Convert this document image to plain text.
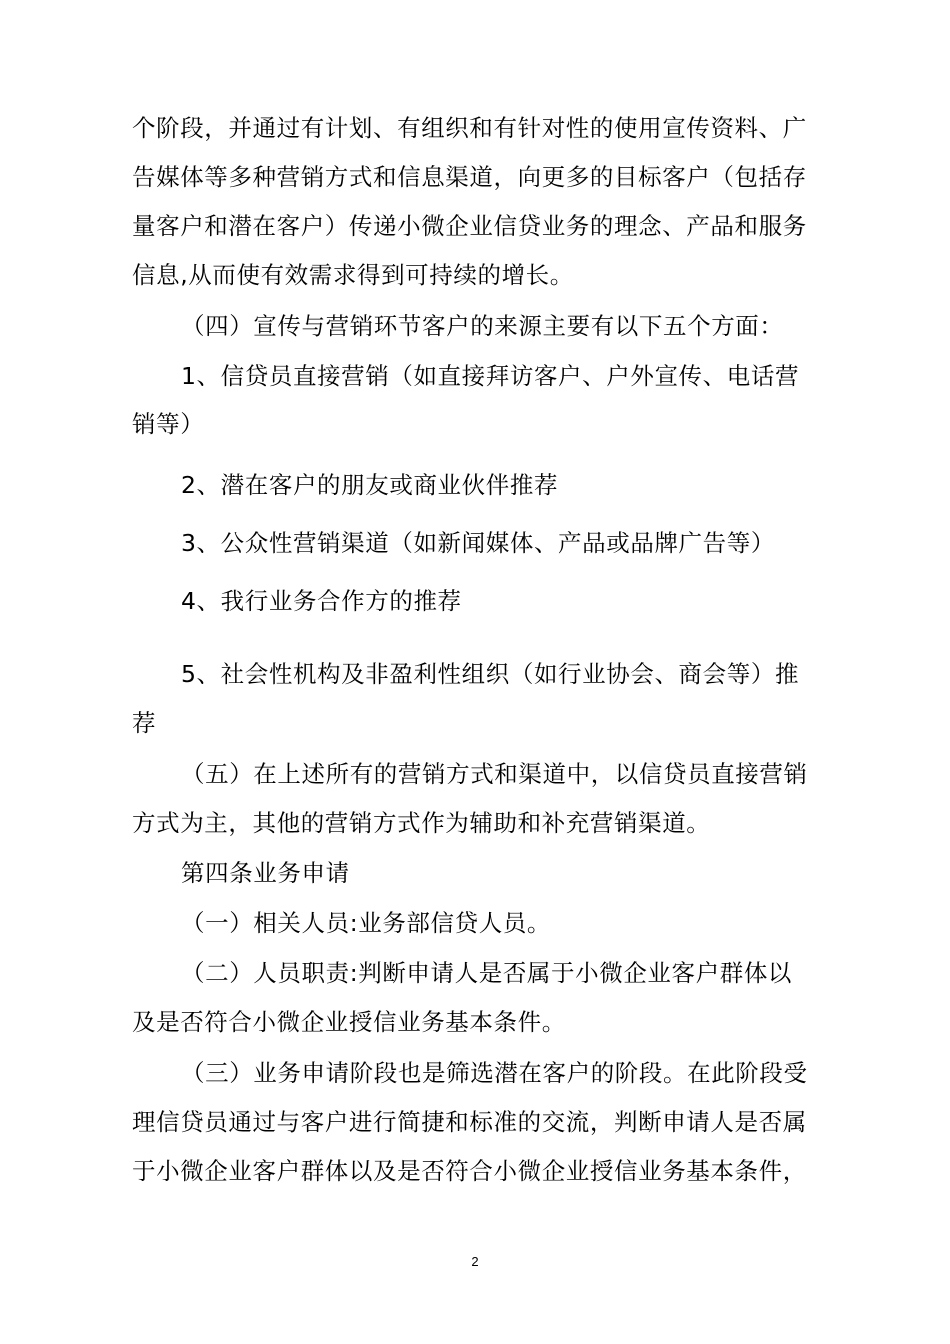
个阶段，并通过有计划、有组织和有针对性的使用宣传资料、广

告媒体等多种营销方式和信息渠道，向更多的目标客户（包括存

量客户和潜在客户）传递小微企业信贷业务的理念、产品和服务

信息,从而使有效需求得到可持续的增长。

（四）宣传与营销环节客户的来源主要有以下五个方面：

1、信贷员直接营销（如直接拜访客户、户外宣传、电话营

销等）

2、潜在客户的朋友或商业伙伴推荐

3、公众性营销渠道（如新闻媒体、产品或品牌广告等）

4、我行业务合作方的推荐

5、社会性机构及非盈利性组织（如行业协会、商会等）推

荐

（五）在上述所有的营销方式和渠道中，以信贷员直接营销

方式为主，其他的营销方式作为辅助和补充营销渠道。

第四条业务申请

（一）相关人员:业务部信贷人员。

（二）人员职责:判断申请人是否属于小微企业客户群体以

及是否符合小微企业授信业务基本条件。

（三）业务申请阶段也是筛选潜在客户的阶段。在此阶段受

理信贷员通过与客户进行简捷和标准的交流，判断申请人是否属

于小微企业客户群体以及是否符合小微企业授信业务基本条件，

2
